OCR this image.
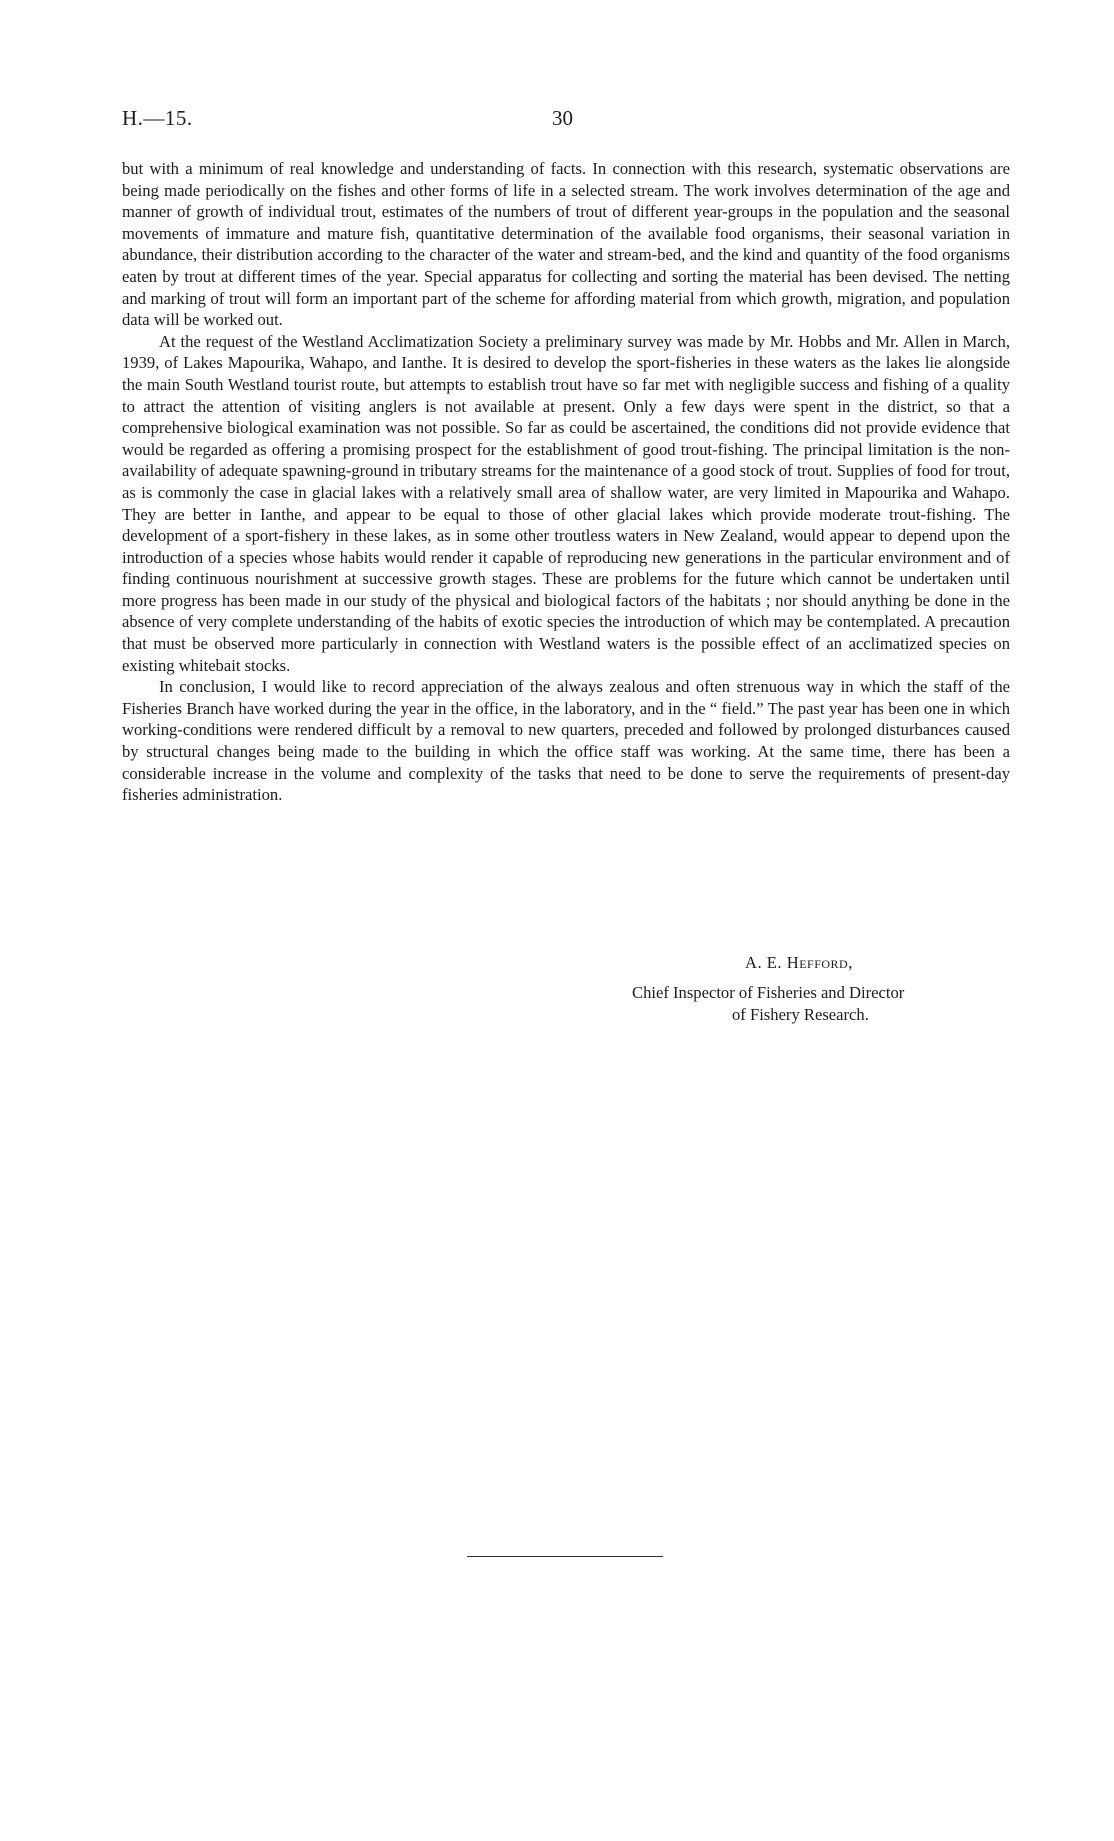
H.—15.	30

but with a minimum of real knowledge and understanding of facts. In connection with this research, systematic observations are being made periodically on the fishes and other forms of life in a selected stream. The work involves determination of the age and manner of growth of individual trout, estimates of the numbers of trout of different year-groups in the population and the seasonal movements of immature and mature fish, quantitative determination of the available food organisms, their seasonal variation in abundance, their distribution according to the character of the water and stream-bed, and the kind and quantity of the food organisms eaten by trout at different times of the year. Special apparatus for collecting and sorting the material has been devised. The netting and marking of trout will form an important part of the scheme for affording material from which growth, migration, and population data will be worked out.

At the request of the Westland Acclimatization Society a preliminary survey was made by Mr. Hobbs and Mr. Allen in March, 1939, of Lakes Mapourika, Wahapo, and Ianthe. It is desired to develop the sport-fisheries in these waters as the lakes lie alongside the main South Westland tourist route, but attempts to establish trout have so far met with negligible success and fishing of a quality to attract the attention of visiting anglers is not available at present. Only a few days were spent in the district, so that a comprehensive biological examination was not possible. So far as could be ascertained, the conditions did not provide evidence that would be regarded as offering a promising prospect for the establishment of good trout-fishing. The principal limitation is the non-availability of adequate spawning-ground in tributary streams for the maintenance of a good stock of trout. Supplies of food for trout, as is commonly the case in glacial lakes with a relatively small area of shallow water, are very limited in Mapourika and Wahapo. They are better in Ianthe, and appear to be equal to those of other glacial lakes which provide moderate trout-fishing. The development of a sport-fishery in these lakes, as in some other troutless waters in New Zealand, would appear to depend upon the introduction of a species whose habits would render it capable of reproducing new generations in the particular environment and of finding continuous nourishment at successive growth stages. These are problems for the future which cannot be undertaken until more progress has been made in our study of the physical and biological factors of the habitats ; nor should anything be done in the absence of very complete understanding of the habits of exotic species the introduction of which may be contemplated. A precaution that must be observed more particularly in connection with Westland waters is the possible effect of an acclimatized species on existing whitebait stocks.

In conclusion, I would like to record appreciation of the always zealous and often strenuous way in which the staff of the Fisheries Branch have worked during the year in the office, in the laboratory, and in the “ field.” The past year has been one in which working-conditions were rendered difficult by a removal to new quarters, preceded and followed by prolonged disturbances caused by structural changes being made to the building in which the office staff was working. At the same time, there has been a considerable increase in the volume and complexity of the tasks that need to be done to serve the requirements of present-day fisheries administration.

A. E. Hefford,
Chief Inspector of Fisheries and Director
of Fishery Research.
